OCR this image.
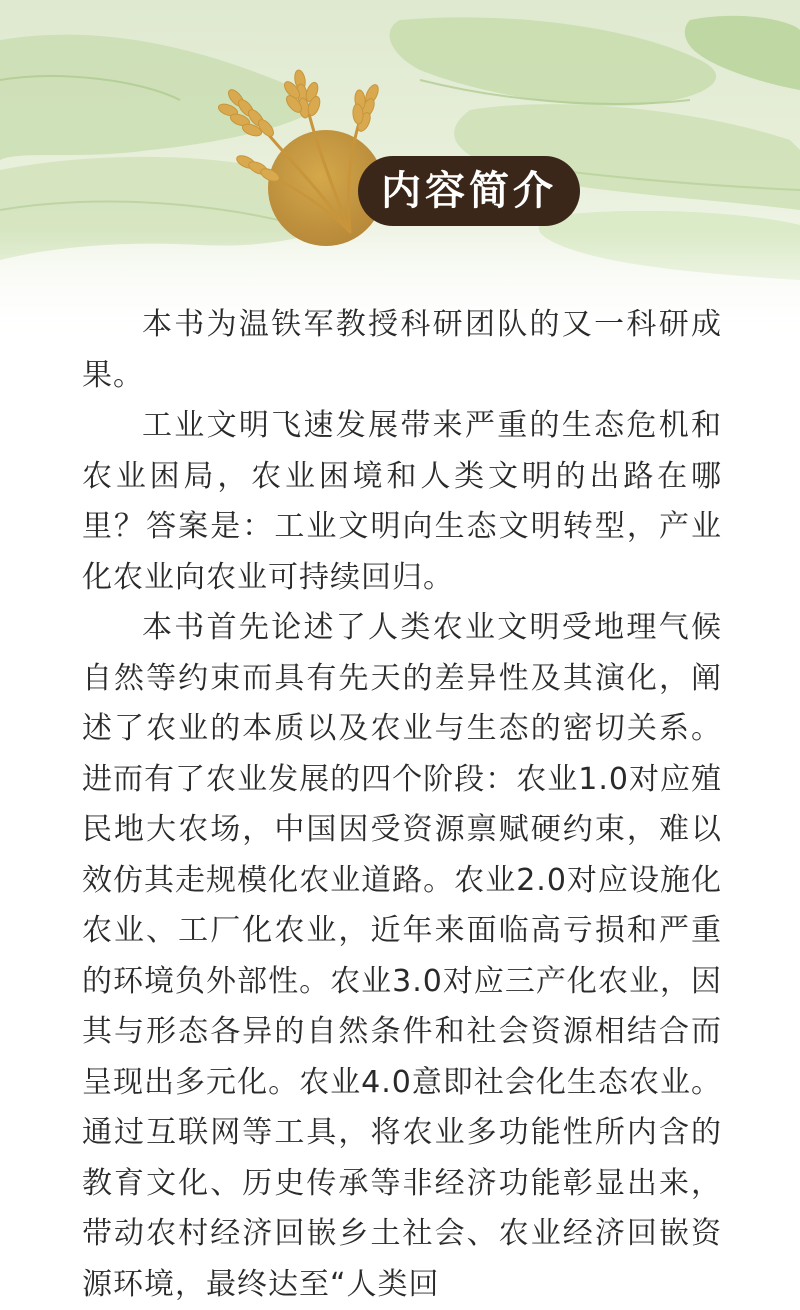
内容简介

本书为温铁军教授科研团队的又一科研成果。

工业文明飞速发展带来严重的生态危机和农业困局，农业困境和人类文明的出路在哪里？答案是：工业文明向生态文明转型，产业化农业向农业可持续回归。

本书首先论述了人类农业文明受地理气候自然等约束而具有先天的差异性及其演化，阐述了农业的本质以及农业与生态的密切关系。进而有了农业发展的四个阶段：农业1.0对应殖民地大农场，中国因受资源禀赋硬约束，难以效仿其走规模化农业道路。农业2.0对应设施化农业、工厂化农业，近年来面临高亏损和严重的环境负外部性。农业3.0对应三产化农业，因其与形态各异的自然条件和社会资源相结合而呈现出多元化。农业4.0意即社会化生态农业。通过互联网等工具，将农业多功能性所内含的教育文化、历史传承等非经济功能彰显出来，带动农村经济回嵌乡土社会、农业经济回嵌资源环境，最终达至“人类回
